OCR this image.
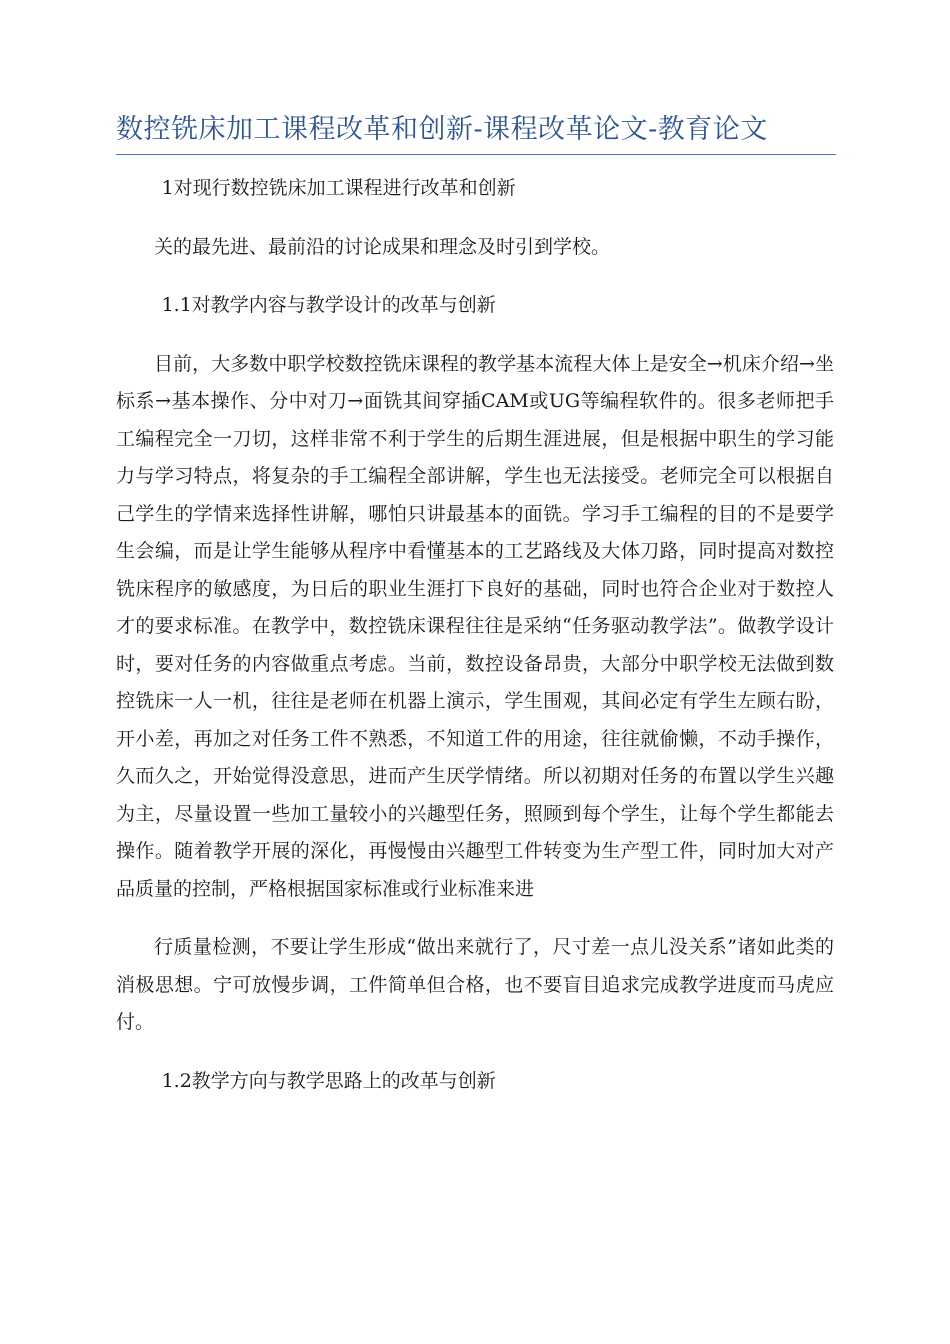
数控铣床加工课程改革和创新-课程改革论文-教育论文

1对现行数控铣床加工课程进行改革和创新

关的最先进、最前沿的讨论成果和理念及时引到学校。

1.1对教学内容与教学设计的改革与创新

目前，大多数中职学校数控铣床课程的教学基本流程大体上是安全→机床介绍→坐标系→基本操作、分中对刀→面铣其间穿插CAM或UG等编程软件的。很多老师把手工编程完全一刀切，这样非常不利于学生的后期生涯进展，但是根据中职生的学习能力与学习特点，将复杂的手工编程全部讲解，学生也无法接受。老师完全可以根据自己学生的学情来选择性讲解，哪怕只讲最基本的面铣。学习手工编程的目的不是要学生会编，而是让学生能够从程序中看懂基本的工艺路线及大体刀路，同时提高对数控铣床程序的敏感度，为日后的职业生涯打下良好的基础，同时也符合企业对于数控人才的要求标准。在教学中，数控铣床课程往往是采纳“任务驱动教学法”。做教学设计时，要对任务的内容做重点考虑。当前，数控设备昂贵，大部分中职学校无法做到数控铣床一人一机，往往是老师在机器上演示，学生围观，其间必定有学生左顾右盼，开小差，再加之对任务工件不熟悉，不知道工件的用途，往往就偷懒，不动手操作，久而久之，开始觉得没意思，进而产生厌学情绪。所以初期对任务的布置以学生兴趣为主，尽量设置一些加工量较小的兴趣型任务，照顾到每个学生，让每个学生都能去操作。随着教学开展的深化，再慢慢由兴趣型工件转变为生产型工件，同时加大对产品质量的控制，严格根据国家标准或行业标准来进

行质量检测，不要让学生形成“做出来就行了，尺寸差一点儿没关系”诸如此类的消极思想。宁可放慢步调，工件简单但合格，也不要盲目追求完成教学进度而马虎应付。

1.2教学方向与教学思路上的改革与创新
